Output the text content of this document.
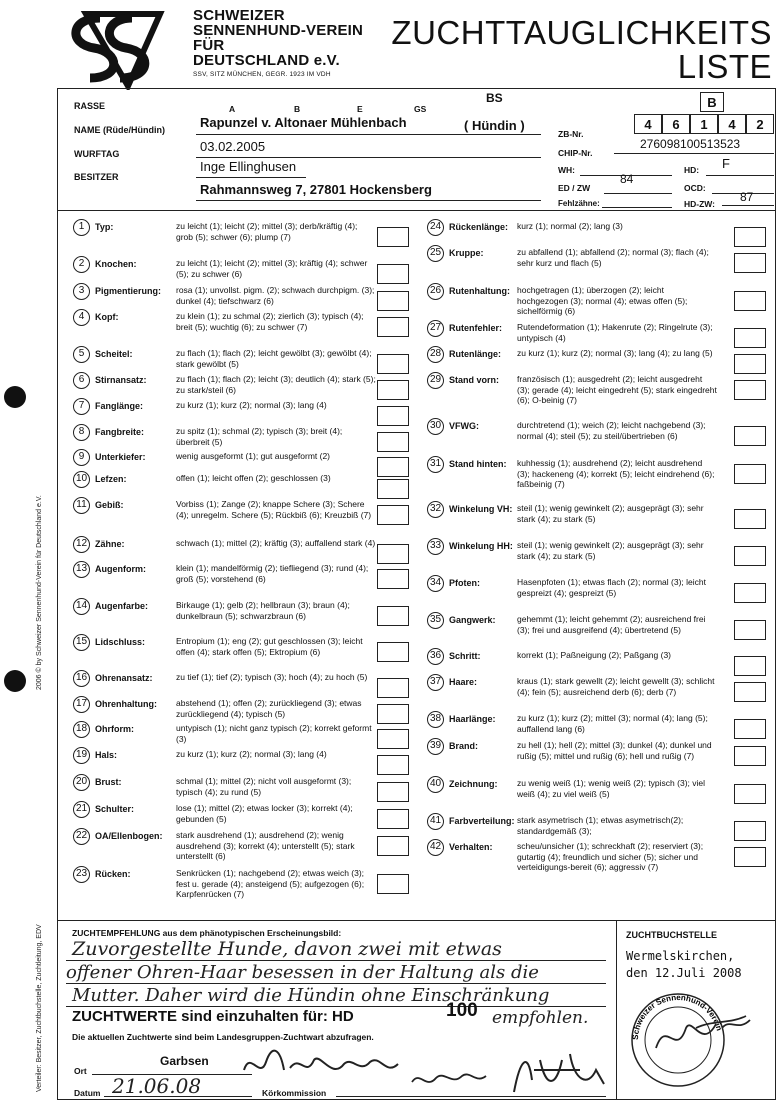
SCHWEIZER
SENNENHUND-VEREIN
FÜR
DEUTSCHLAND e.V.
SSV, SITZ MÜNCHEN, GEGR. 1923 IM VDH
ZUCHTTAUGLICHKEITS
LISTE
2006 © by Schweizer Sennenhund-Verein für Deutschland e.V.
Verteiler: Besitzer, Zuchtbuchstelle, Zuchtleitung, EDV
RASSE	A	B	E	GS
BS
NAME (Rüde/Hündin)	Rapunzel v. Altonaer Mühlenbach	( Hündin )
WURFTAG	03.02.2005
BESITZER
Inge Ellinghusen
Rahmannsweg 7, 27801 Hockensberg
B
ZB-Nr.
4	6	1	4	2
CHIP-Nr.
276098100513523
WH:	HD: F
ED / ZW
84
OCD:
Fehlzähne:	HD-ZW: 87
1	Typ:	zu leicht (1); leicht (2); mittel (3); derb/kräftig (4); grob (5); schwer (6); plump (7)
2	Knochen:	zu leicht (1); leicht (2); mittel (3); kräftig (4); schwer (5); zu schwer (6)
3	Pigmentierung: rosa (1); unvollst. pigm. (2); schwach durchpigm. (3); dunkel (4); tiefschwarz (6)
4	Kopf:	zu klein (1); zu schmal (2); zierlich (3); typisch (4); breit (5); wuchtig (6); zu schwer (7)
5	Scheitel:	zu flach (1); flach (2); leicht gewölbt (3); gewölbt (4); stark gewölbt (5)
6	Stirnansatz:	zu flach (1); flach (2); leicht (3); deutlich (4); stark (5); zu stark/steil (6)
7	Fanglänge:	zu kurz (1); kurz (2); normal (3); lang (4)
8	Fangbreite:	zu spitz (1); schmal (2); typisch (3); breit (4); überbreit (5)
9	Unterkiefer:	wenig ausgeformt (1); gut ausgeformt (2)
10 Lefzen:	offen (1); leicht offen (2); geschlossen (3)
11 Gebiß:	Vorbiss (1); Zange (2); knappe Schere (3); Schere (4); unregelm. Schere (5); Rückbiß (6); Kreuzbiß (7)
12 Zähne:	schwach (1); mittel (2); kräftig (3); auffallend stark (4)
13 Augenform:	klein (1); mandelförmig (2); tiefliegend (3); rund (4); groß (5); vorstehend (6)
14 Augenfarbe:	Birkauge (1); gelb (2); hellbraun (3); braun (4); dunkelbraun (5); schwarzbraun (6)
15 Lidschluss:	Entropium (1); eng (2); gut geschlossen (3); leicht offen (4); stark offen (5); Ektropium (6)
16 Ohrenansatz:	zu tief (1); tief (2); typisch (3); hoch (4); zu hoch (5)
17 Ohrenhaltung: abstehend (1); offen (2); zurückliegend (3); etwas zurückliegend (4); typisch (5)
18 Ohrform:	untypisch (1); nicht ganz typisch (2); korrekt geformt (3)
19 Hals:	zu kurz (1); kurz (2); normal (3); lang (4)
20 Brust:	schmal (1); mittel (2); nicht voll ausgeformt (3); typisch (4); zu rund (5)
21 Schulter:	lose (1); mittel (2); etwas locker (3); korrekt (4); gebunden (5)
22 OA/Ellenbogen: stark ausdrehend (1); ausdrehend (2); wenig ausdrehend (3); korrekt (4); unterstellt (5); stark unterstellt (6)
23 Rücken:	Senkrücken (1); nachgebend (2); etwas weich (3); fest u. gerade (4); ansteigend (5); aufgezogen (6); Karpfenrücken (7)
24 Rückenlänge: kurz (1); normal (2); lang (3)
25 Kruppe:	zu abfallend (1); abfallend (2); normal (3); flach (4); sehr kurz und flach (5)
26 Rutenhaltung: hochgetragen (1); überzogen (2); leicht hochgezogen (3); normal (4); etwas offen (5); sichelförmig (6)
27 Rutenfehler: Rutendeformation (1); Hakenrute (2); Ringelrute (3); untypisch (4)
28 Rutenlänge: zu kurz (1); kurz (2); normal (3); lang (4); zu lang (5)
29 Stand vorn: französisch (1); ausgedreht (2); leicht ausgedreht (3); gerade (4); leicht eingedreht (5); stark eingedreht (6); O-beinig (7)
30 VFWG:	durchtretend (1); weich (2); leicht nachgebend (3); normal (4); steil (5); zu steil/übertrieben (6)
31 Stand hinten: kuhhessig (1); ausdrehend (2); leicht ausdrehend (3); hackeneng (4); korrekt (5); leicht eindrehend (6); faßbeinig (7)
32 Winkelung VH: steil (1); wenig gewinkelt (2); ausgeprägt (3); sehr stark (4); zu stark (5)
33 Winkelung HH: steil (1); wenig gewinkelt (2); ausgeprägt (3); sehr stark (4); zu stark (5)
34 Pfoten:	Hasenpfoten (1); etwas flach (2); normal (3); leicht gespreizt (4); gespreizt (5)
35 Gangwerk:	gehemmt (1); leicht gehemmt (2); ausreichend frei (3); frei und ausgreifend (4); übertretend (5)
36 Schritt:	korrekt (1); Paßneigung (2); Paßgang (3)
37 Haare:	kraus (1); stark gewellt (2); leicht gewellt (3); schlicht (4); fein (5); ausreichend derb (6); derb (7)
38 Haarlänge:	zu kurz (1); kurz (2); mittel (3); normal (4); lang (5); auffallend lang (6)
39 Brand:	zu hell (1); hell (2); mittel (3); dunkel (4); dunkel und rußig (5); mittel und rußig (6); hell und rußig (7)
40 Zeichnung: zu wenig weiß (1); wenig weiß (2); typisch (3); viel weiß (4); zu viel weiß (5)
41 Farbverteilung: stark asymetrisch (1); etwas asymetrisch(2); standardgemäß (3);
42 Verhalten:	scheu/unsicher (1); schreckhaft (2); reserviert (3); gutartig (4); freundlich und sicher (5); sicher und verteidigungs-bereit (6); aggressiv (7)
ZUCHTEMPFEHLUNG aus dem phänotypischen Erscheinungsbild:
Zuvorgestellte Hunde, davon zwei mit etwas
offener Ohren-Haar besessen in der Haltung als die
Mutter. Daher wird die Hündin ohne Einschränkung
ZUCHTWERTE sind einzuhalten für: HD	100 empfohlen.
Die aktuellen Zuchtwerte sind beim Landesgruppen-Zuchtwart abzufragen.
Ort
Garbsen
Datum 21.06.08	Körkommission
ZUCHTBUCHSTELLE
Wermelskirchen,
den 12.Juli 2008
Schweizer Sennenhund-Verein
